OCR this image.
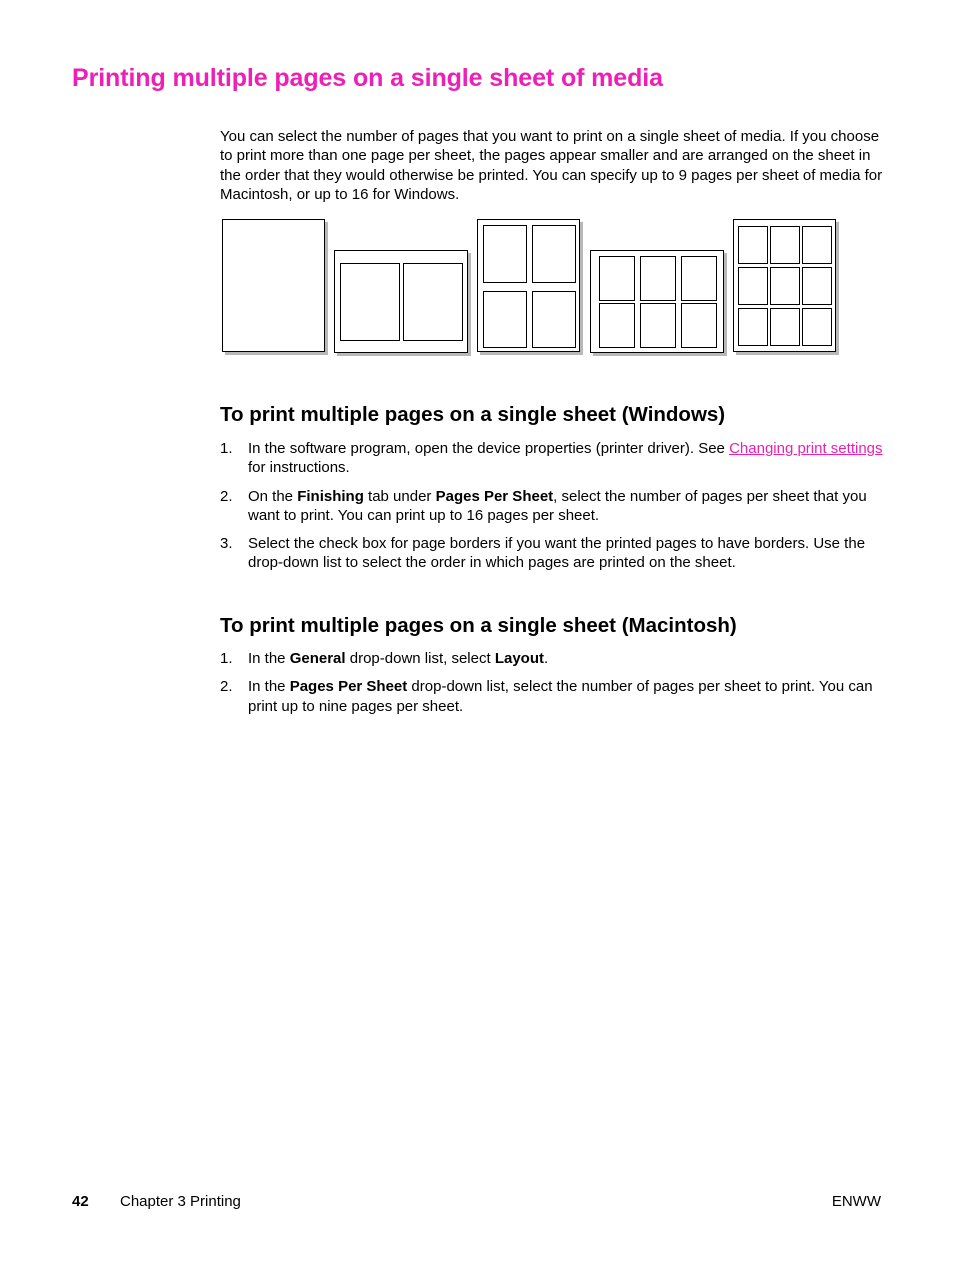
Printing multiple pages on a single sheet of media

You can select the number of pages that you want to print on a single sheet of media. If you choose to print more than one page per sheet, the pages appear smaller and are arranged on the sheet in the order that they would otherwise be printed. You can specify up to 9 pages per sheet of media for Macintosh, or up to 16 for Windows.

To print multiple pages on a single sheet (Windows)
1. In the software program, open the device properties (printer driver). See Changing print settings for instructions.
2. On the Finishing tab under Pages Per Sheet, select the number of pages per sheet that you want to print. You can print up to 16 pages per sheet.
3. Select the check box for page borders if you want the printed pages to have borders. Use the drop-down list to select the order in which pages are printed on the sheet.
To print multiple pages on a single sheet (Macintosh)
1. In the General drop-down list, select Layout.
2. In the Pages Per Sheet drop-down list, select the number of pages per sheet to print. You can print up to nine pages per sheet.
42 Chapter 3 Printing	ENWW
